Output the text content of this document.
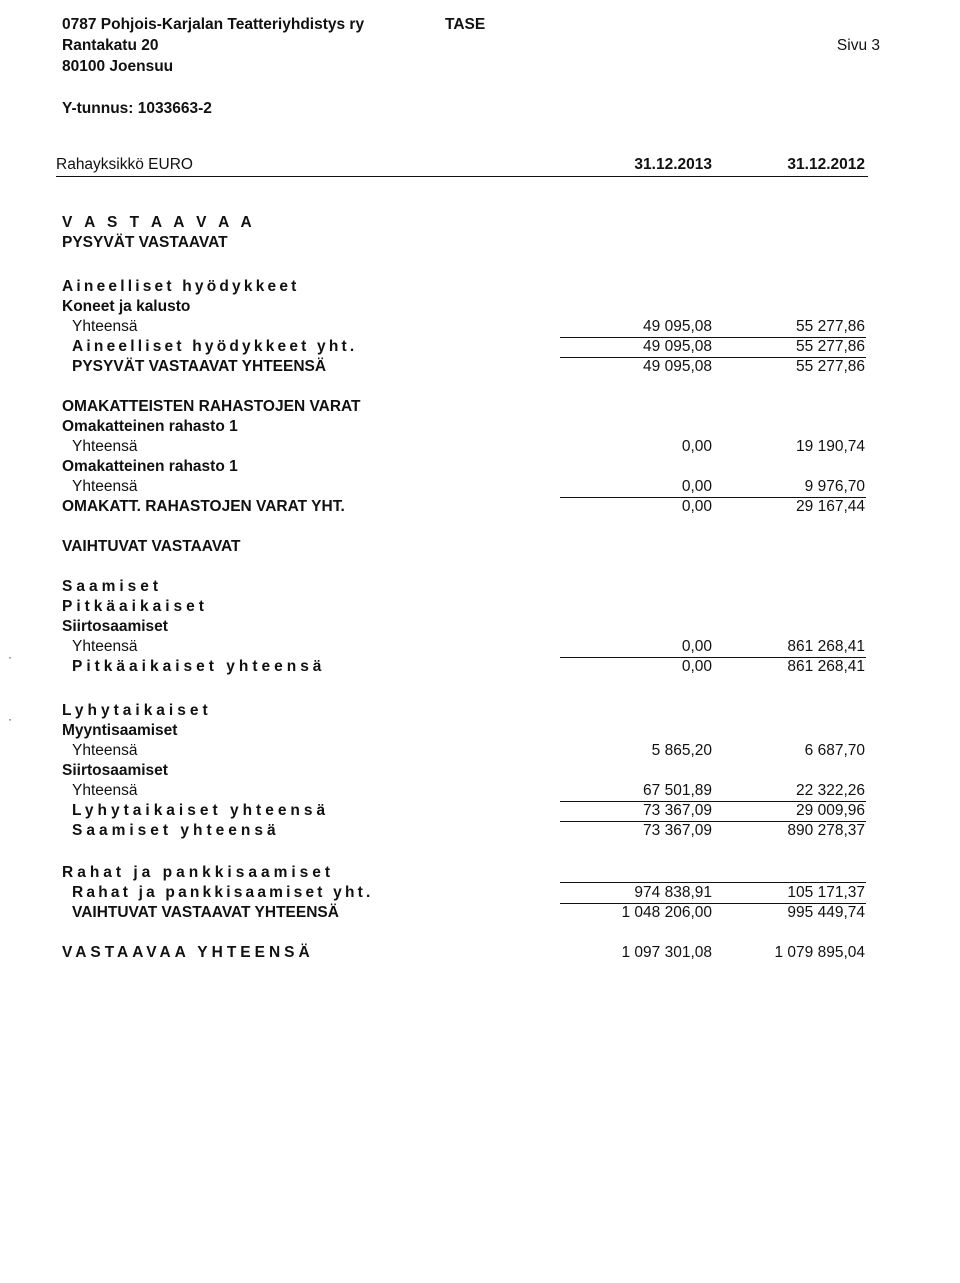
0787 Pohjois-Karjalan Teatteriyhdistys ry	TASE
Rantakatu 20	Sivu 3
80100 Joensuu
Y-tunnus: 1033663-2
Rahayksikkö EURO	31.12.2013	31.12.2012
V A S T A A V A A
PYSYVÄT VASTAAVAT
Aineelliset hyödykkeet
Koneet ja kalusto
Yhteensä	49 095,08	55 277,86
Aineelliset hyödykkeet yht.	49 095,08	55 277,86
PYSYVÄT VASTAAVAT YHTEENSÄ	49 095,08	55 277,86
OMAKATTEISTEN RAHASTOJEN VARAT
Omakatteinen rahasto 1
Yhteensä	0,00	19 190,74
Omakatteinen rahasto 1
Yhteensä	0,00	9 976,70
OMAKATT. RAHASTOJEN VARAT YHT.	0,00	29 167,44
VAIHTUVAT VASTAAVAT
Saamiset
Pitkäaikaiset
Siirtosaamiset
Yhteensä	0,00	861 268,41
Pitkäaikaiset yhteensä	0,00	861 268,41
Lyhytaikaiset
Myyntisaamiset
Yhteensä	5 865,20	6 687,70
Siirtosaamiset
Yhteensä	67 501,89	22 322,26
Lyhytaikaiset yhteensä	73 367,09	29 009,96
Saamiset yhteensä	73 367,09	890 278,37
Rahat ja pankkisaamiset
Rahat ja pankkisaamiset yht.	974 838,91	105 171,37
VAIHTUVAT VASTAAVAT YHTEENSÄ	1 048 206,00	995 449,74
VASTAAVAA YHTEENSÄ	1 097 301,08	1 079 895,04
·
·
